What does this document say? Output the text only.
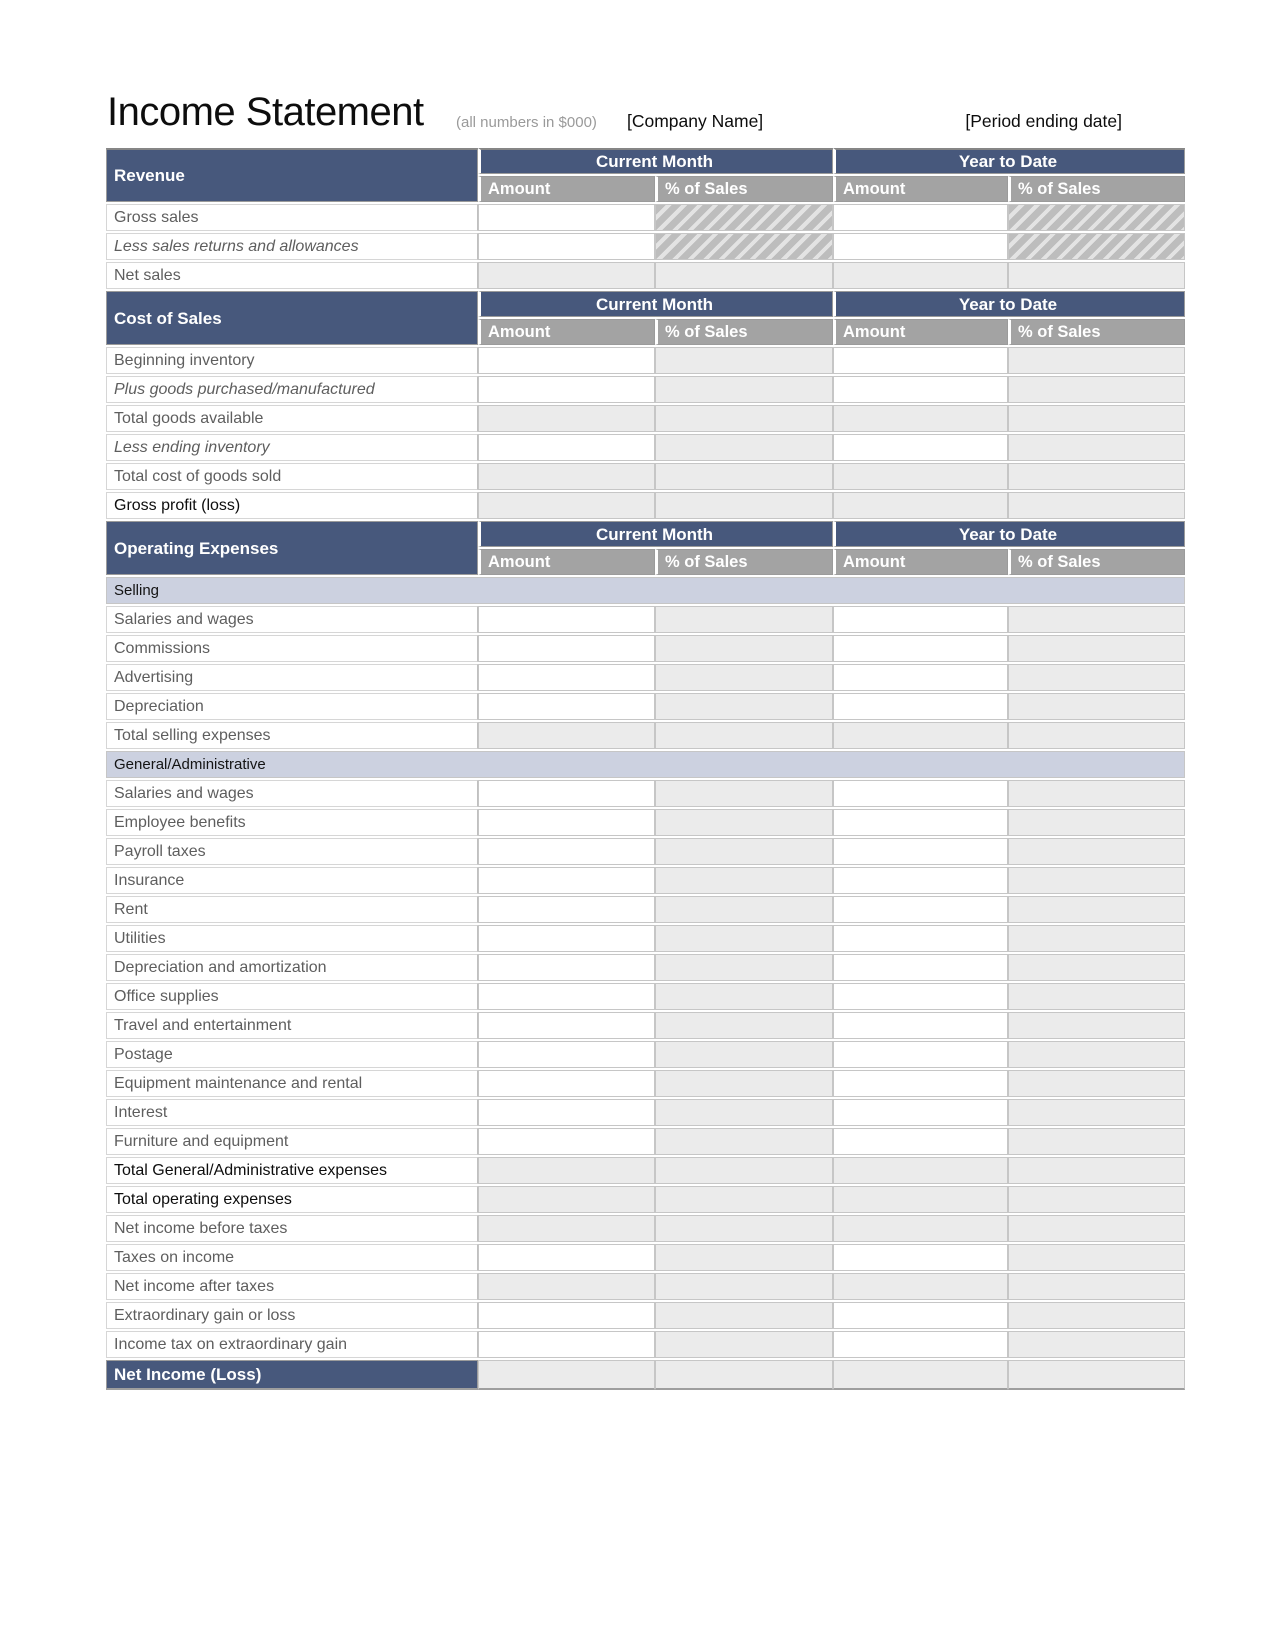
Income Statement (all numbers in $000) [Company Name]	[Period ending date]
Revenue	Current Month		Year to Date	
	Amount	% of Sales	Amount	% of Sales
Gross sales				
Less sales returns and allowances				
Net sales				
Cost of Sales	Current Month		Year to Date	
	Amount	% of Sales	Amount	% of Sales
Beginning inventory				
Plus goods purchased/manufactured				
Total goods available				
Less ending inventory				
Total cost of goods sold				
Gross profit (loss)				
Operating Expenses	Current Month		Year to Date	
	Amount	% of Sales	Amount	% of Sales
Selling				
Salaries and wages				
Commissions				
Advertising				
Depreciation				
Total selling expenses				
General/Administrative				
Salaries and wages				
Employee benefits				
Payroll taxes				
Insurance				
Rent				
Utilities				
Depreciation and amortization				
Office supplies				
Travel and entertainment				
Postage				
Equipment maintenance and rental				
Interest				
Furniture and equipment				
Total General/Administrative expenses				
Total operating expenses				
Net income before taxes				
Taxes on income				
Net income after taxes				
Extraordinary gain or loss				
Income tax on extraordinary gain				
Net Income (Loss)				
